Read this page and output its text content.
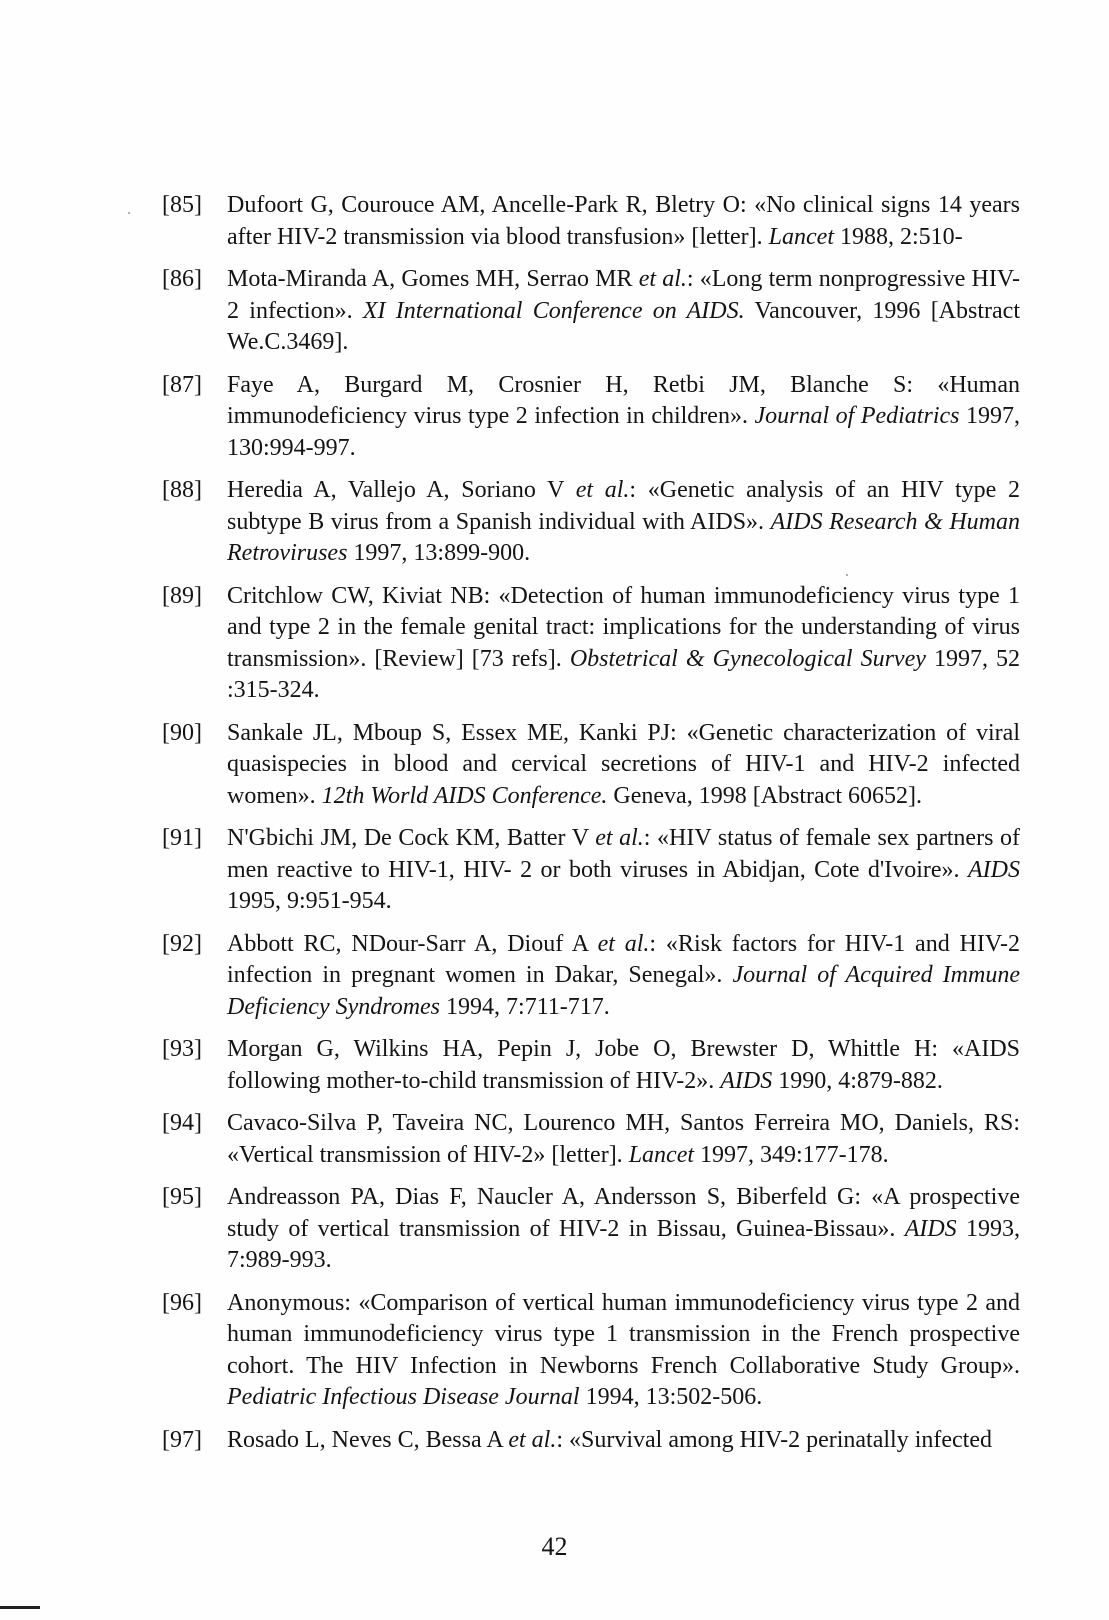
[85] Dufoort G, Courouce AM, Ancelle-Park R, Bletry O: «No clinical signs 14 years after HIV-2 transmission via blood transfusion» [letter]. Lancet 1988, 2:510-
[86] Mota-Miranda A, Gomes MH, Serrao MR et al.: «Long term nonprogressive HIV-2 infection». XI International Conference on AIDS. Vancouver, 1996 [Abstract We.C.3469].
[87] Faye A, Burgard M, Crosnier H, Retbi JM, Blanche S: «Human immunodeficiency virus type 2 infection in children». Journal of Pediatrics 1997, 130:994-997.
[88] Heredia A, Vallejo A, Soriano V et al.: «Genetic analysis of an HIV type 2 subtype B virus from a Spanish individual with AIDS». AIDS Research & Human Retroviruses 1997, 13:899-900.
[89] Critchlow CW, Kiviat NB: «Detection of human immunodeficiency virus type 1 and type 2 in the female genital tract: implications for the understanding of virus transmission». [Review] [73 refs]. Obstetrical & Gynecological Survey 1997, 52 :315-324.
[90] Sankale JL, Mboup S, Essex ME, Kanki PJ: «Genetic characterization of viral quasispecies in blood and cervical secretions of HIV-1 and HIV-2 infected women». 12th World AIDS Conference. Geneva, 1998 [Abstract 60652].
[91] N'Gbichi JM, De Cock KM, Batter V et al.: «HIV status of female sex partners of men reactive to HIV-1, HIV- 2 or both viruses in Abidjan, Cote d'Ivoire». AIDS 1995, 9:951-954.
[92] Abbott RC, NDour-Sarr A, Diouf A et al.: «Risk factors for HIV-1 and HIV-2 infection in pregnant women in Dakar, Senegal». Journal of Acquired Immune Deficiency Syndromes 1994, 7:711-717.
[93] Morgan G, Wilkins HA, Pepin J, Jobe O, Brewster D, Whittle H: «AIDS following mother-to-child transmission of HIV-2». AIDS 1990, 4:879-882.
[94] Cavaco-Silva P, Taveira NC, Lourenco MH, Santos Ferreira MO, Daniels, RS: «Vertical transmission of HIV-2» [letter]. Lancet 1997, 349:177-178.
[95] Andreasson PA, Dias F, Naucler A, Andersson S, Biberfeld G: «A prospective study of vertical transmission of HIV-2 in Bissau, Guinea-Bissau». AIDS 1993, 7:989-993.
[96] Anonymous: «Comparison of vertical human immunodeficiency virus type 2 and human immunodeficiency virus type 1 transmission in the French prospective cohort. The HIV Infection in Newborns French Collaborative Study Group». Pediatric Infectious Disease Journal 1994, 13:502-506.
[97] Rosado L, Neves C, Bessa A et al.: «Survival among HIV-2 perinatally infected
42
